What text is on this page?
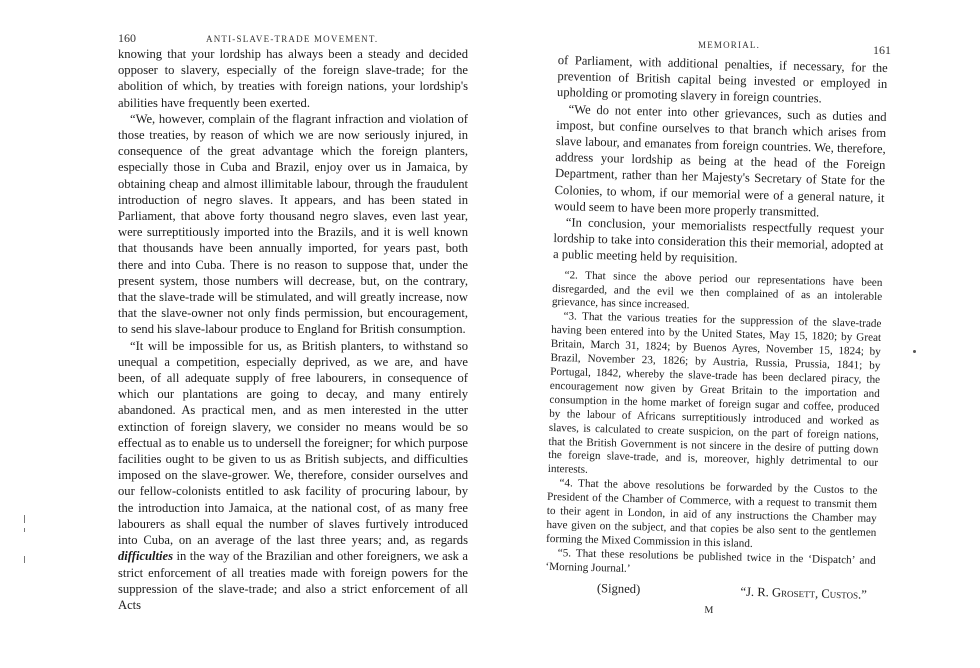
160	ANTI-SLAVE-TRADE MOVEMENT.

knowing that your lordship has always been a steady and decided opposer to slavery, especially of the foreign slave-trade; for the abolition of which, by treaties with foreign nations, your lordship's abilities have frequently been exerted.

“We, however, complain of the flagrant infraction and violation of those treaties, by reason of which we are now seriously injured, in consequence of the great advantage which the foreign planters, especially those in Cuba and Brazil, enjoy over us in Jamaica, by obtaining cheap and almost illimitable labour, through the fraudulent introduction of negro slaves. It appears, and has been stated in Parliament, that above forty thousand negro slaves, even last year, were surreptitiously imported into the Brazils, and it is well known that thousands have been annually imported, for years past, both there and into Cuba. There is no reason to suppose that, under the present system, those numbers will decrease, but, on the contrary, that the slave-trade will be stimulated, and will greatly increase, now that the slave-owner not only finds permission, but encouragement, to send his slave-labour produce to England for British consumption.

“It will be impossible for us, as British planters, to withstand so unequal a competition, especially deprived, as we are, and have been, of all adequate supply of free labourers, in consequence of which our plantations are going to decay, and many entirely abandoned. As practical men, and as men interested in the utter extinction of foreign slavery, we consider no means would be so effectual as to enable us to undersell the foreigner; for which purpose facilities ought to be given to us as British subjects, and difficulties imposed on the slave-grower. We, therefore, consider ourselves and our fellow-colonists entitled to ask facility of procuring labour, by the introduction into Jamaica, at the national cost, of as many free labourers as shall equal the number of slaves furtively introduced into Cuba, on an average of the last three years; and, as regards difficulties in the way of the Brazilian and other foreigners, we ask a strict enforcement of all treaties made with foreign powers for the suppression of the slave-trade; and also a strict enforcement of all Acts

MEMORIAL.	161

of Parliament, with additional penalties, if necessary, for the prevention of British capital being invested or employed in upholding or promoting slavery in foreign countries.

“We do not enter into other grievances, such as duties and impost, but confine ourselves to that branch which arises from slave labour, and emanates from foreign countries. We, therefore, address your lordship as being at the head of the Foreign Department, rather than her Majesty's Secretary of State for the Colonies, to whom, if our memorial were of a general nature, it would seem to have been more properly transmitted.

“In conclusion, your memorialists respectfully request your lordship to take into consideration this their memorial, adopted at a public meeting held by requisition.

“2. That since the above period our representations have been disregarded, and the evil we then complained of as an intolerable grievance, has since increased.

“3. That the various treaties for the suppression of the slave-trade having been entered into by the United States, May 15, 1820; by Great Britain, March 31, 1824; by Buenos Ayres, November 15, 1824; by Brazil, November 23, 1826; by Austria, Russia, Prussia, 1841; by Portugal, 1842, whereby the slave-trade has been declared piracy, the encouragement now given by Great Britain to the importation and consumption in the home market of foreign sugar and coffee, produced by the labour of Africans surreptitiously introduced and worked as slaves, is calculated to create suspicion, on the part of foreign nations, that the British Government is not sincere in the desire of putting down the foreign slave-trade, and is, moreover, highly detrimental to our interests.

“4. That the above resolutions be forwarded by the Custos to the President of the Chamber of Commerce, with a request to transmit them to their agent in London, in aid of any instructions the Chamber may have given on the subject, and that copies be also sent to the gentlemen forming the Mixed Commission in this island.

“5. That these resolutions be published twice in the ‘Dispatch’ and ‘Morning Journal.’

(Signed)	“J. R. Grosett, Custos.”
M
